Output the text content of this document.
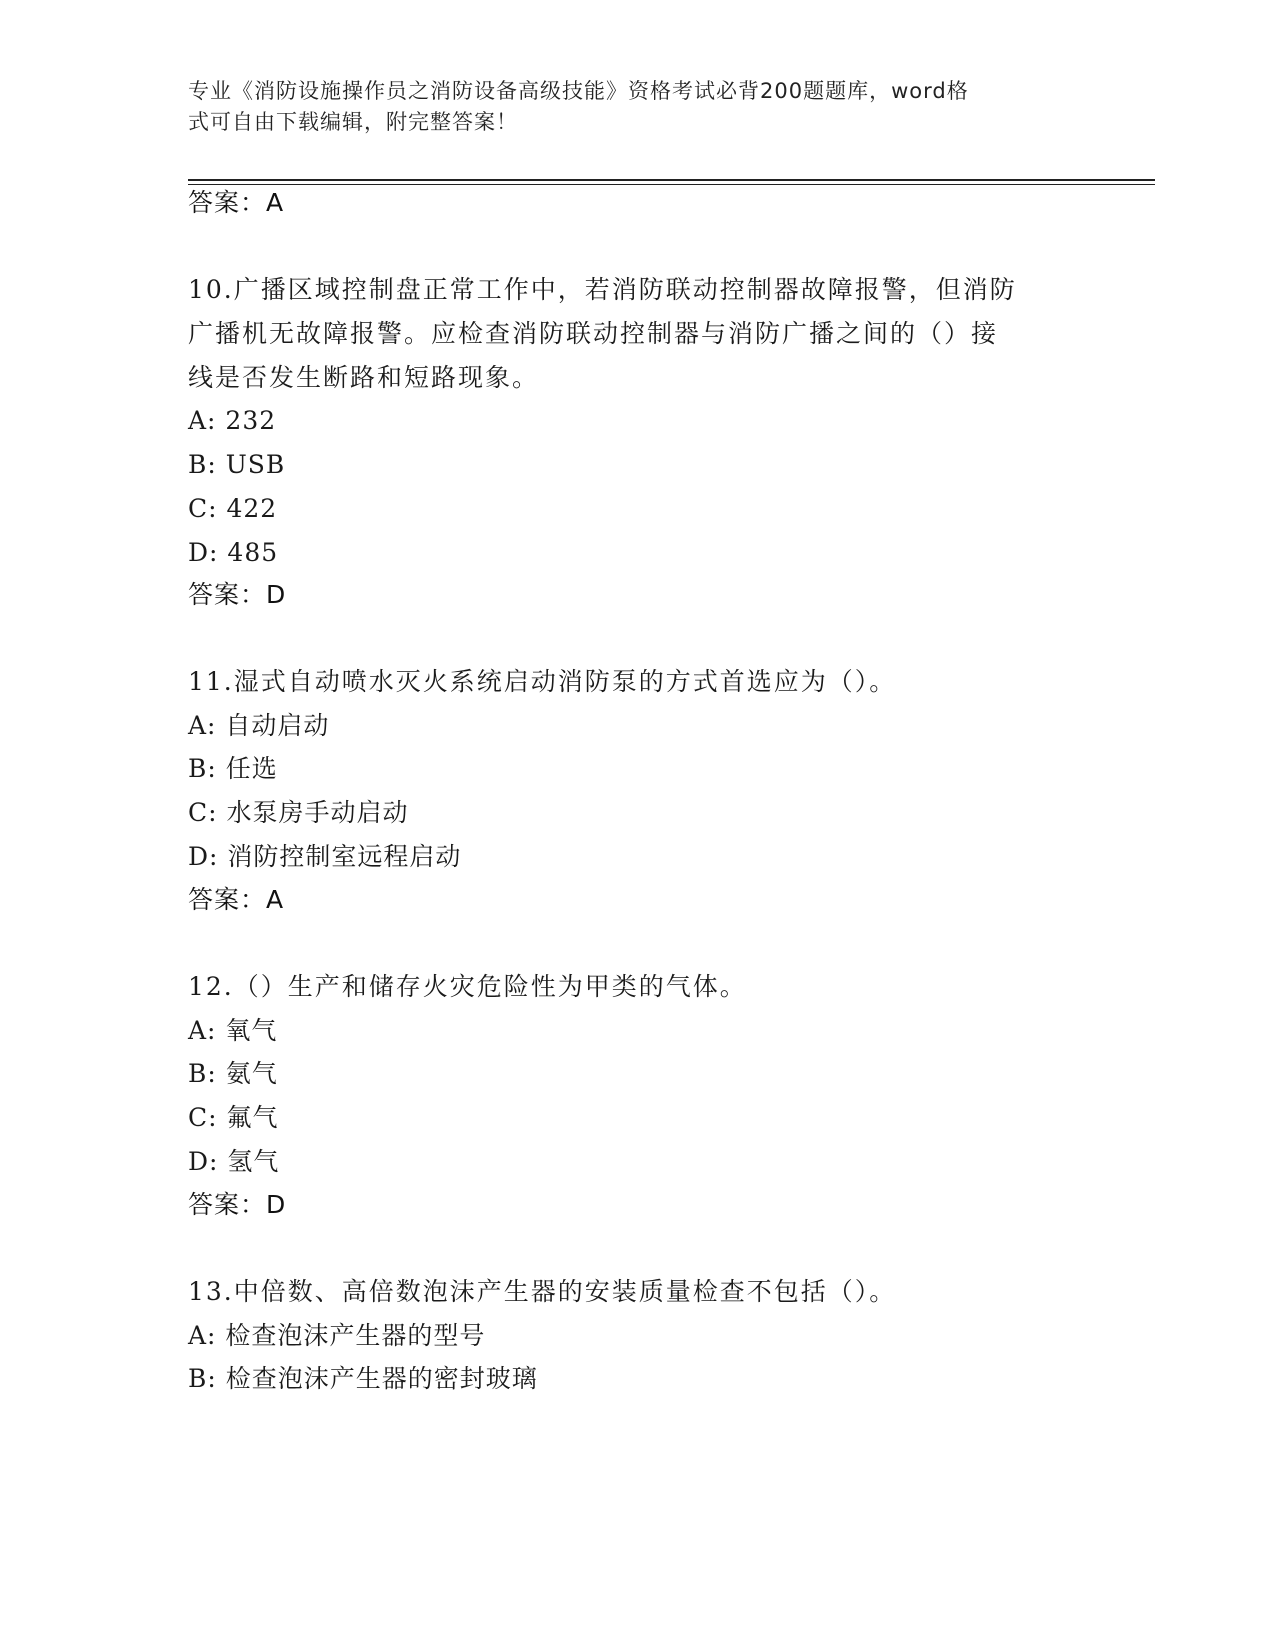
专业《消防设施操作员之消防设备高级技能》资格考试必背200题题库，word格
式可自由下载编辑，附完整答案！
答案：A
10.广播区域控制盘正常工作中，若消防联动控制器故障报警，但消防
广播机无故障报警。应检查消防联动控制器与消防广播之间的（）接
线是否发生断路和短路现象。
A: 232
B: USB
C: 422
D: 485
答案：D
11.湿式自动喷水灭火系统启动消防泵的方式首选应为（）。
A: 自动启动
B: 任选
C: 水泵房手动启动
D: 消防控制室远程启动
答案：A
12.（）生产和储存火灾危险性为甲类的气体。
A: 氧气
B: 氨气
C: 氟气
D: 氢气
答案：D
13.中倍数、高倍数泡沫产生器的安装质量检查不包括（）。
A: 检查泡沫产生器的型号
B: 检查泡沫产生器的密封玻璃
